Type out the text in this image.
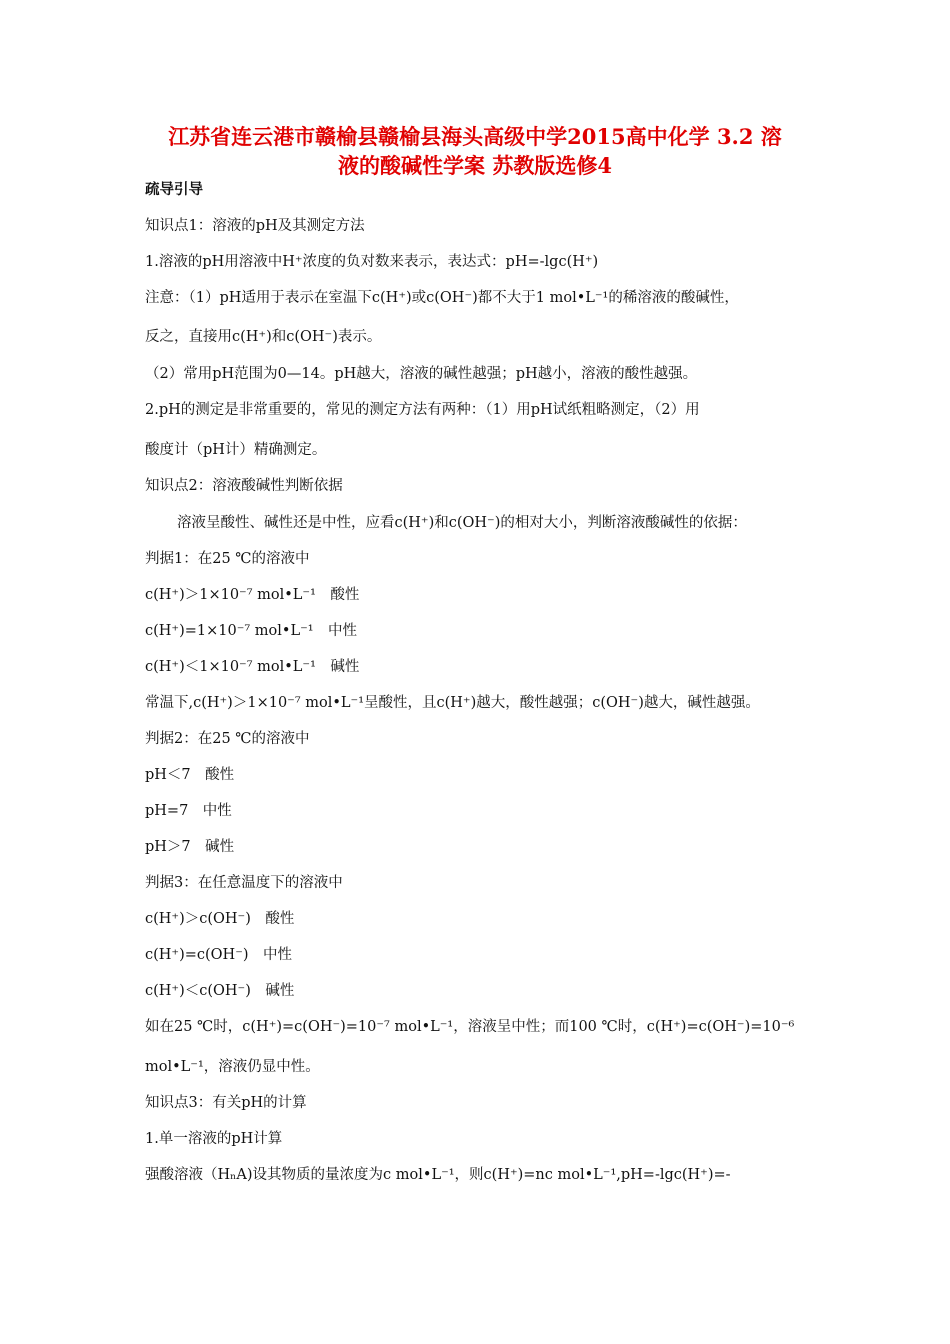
江苏省连云港市赣榆县赣榆县海头高级中学2015高中化学 3.2 溶
液的酸碱性学案 苏教版选修4
疏导引导
知识点1：溶液的pH及其测定方法
1.溶液的pH用溶液中H⁺浓度的负对数来表示，表达式：pH=-lgc(H⁺)
注意：（1）pH适用于表示在室温下c(H⁺)或c(OH⁻)都不大于1 mol•L⁻¹的稀溶液的酸碱性，
反之，直接用c(H⁺)和c(OH⁻)表示。
（2）常用pH范围为0—14。pH越大，溶液的碱性越强；pH越小，溶液的酸性越强。
2.pH的测定是非常重要的，常见的测定方法有两种：（1）用pH试纸粗略测定，（2）用
酸度计（pH计）精确测定。
知识点2：溶液酸碱性判断依据
溶液呈酸性、碱性还是中性，应看c(H⁺)和c(OH⁻)的相对大小，判断溶液酸碱性的依据：
判据1：在25 ℃的溶液中
c(H⁺)＞1×10⁻⁷ mol•L⁻¹　酸性
c(H⁺)=1×10⁻⁷ mol•L⁻¹　中性
c(H⁺)＜1×10⁻⁷ mol•L⁻¹　碱性
常温下,c(H⁺)＞1×10⁻⁷ mol•L⁻¹呈酸性，且c(H⁺)越大，酸性越强；c(OH⁻)越大，碱性越强。
判据2：在25 ℃的溶液中
pH＜7　酸性
pH=7　中性
pH＞7　碱性
判据3：在任意温度下的溶液中
c(H⁺)＞c(OH⁻)　酸性
c(H⁺)=c(OH⁻)　中性
c(H⁺)＜c(OH⁻)　碱性
如在25 ℃时，c(H⁺)=c(OH⁻)=10⁻⁷ mol•L⁻¹，溶液呈中性；而100 ℃时，c(H⁺)=c(OH⁻)=10⁻⁶
mol•L⁻¹，溶液仍显中性。
知识点3：有关pH的计算
1.单一溶液的pH计算
强酸溶液（HₙA)设其物质的量浓度为c mol•L⁻¹，则c(H⁺)=nc mol•L⁻¹,pH=-lgc(H⁺)=-
